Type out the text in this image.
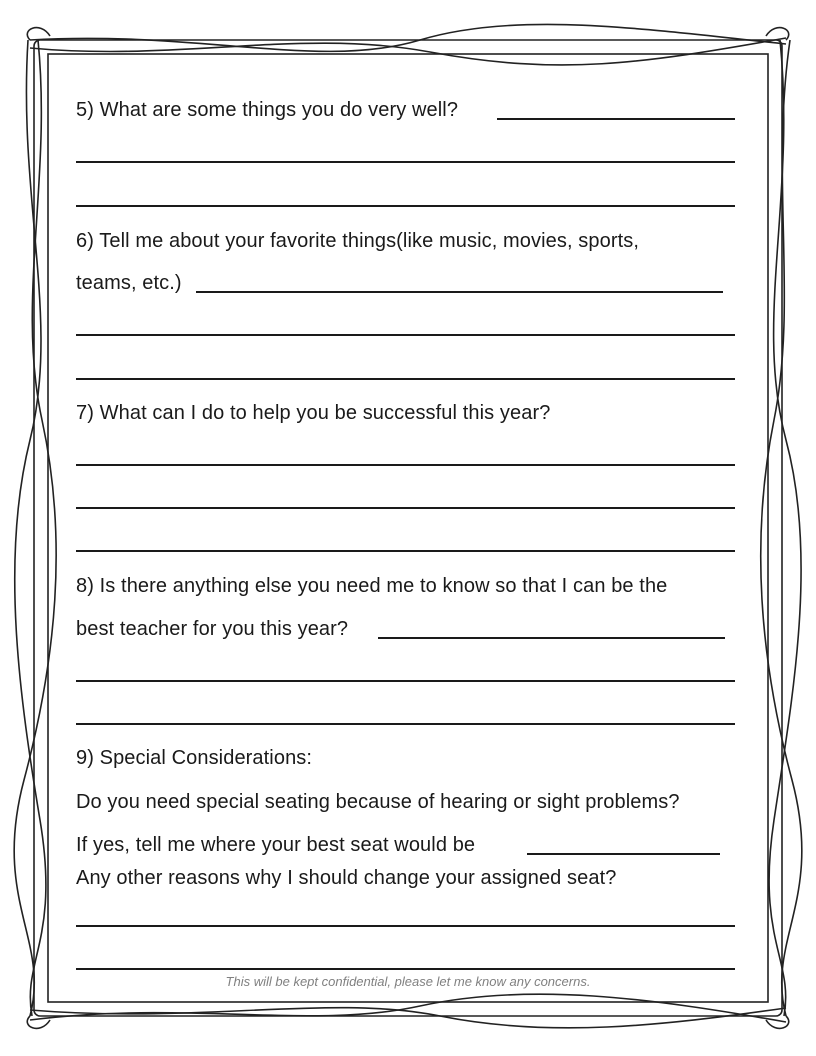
5) What are some things you do very well?
6) Tell me about your favorite things(like music, movies, sports,
teams, etc.)
7) What can I do to help you be successful this year?
8) Is there anything else you need me to know so that I can be the
best teacher for you this year?
9) Special Considerations:
Do you need special seating because of hearing or sight problems?
If yes, tell me where your best seat would be
Any other reasons why I should change your assigned seat?
This will be kept confidential, please let me know any concerns.
